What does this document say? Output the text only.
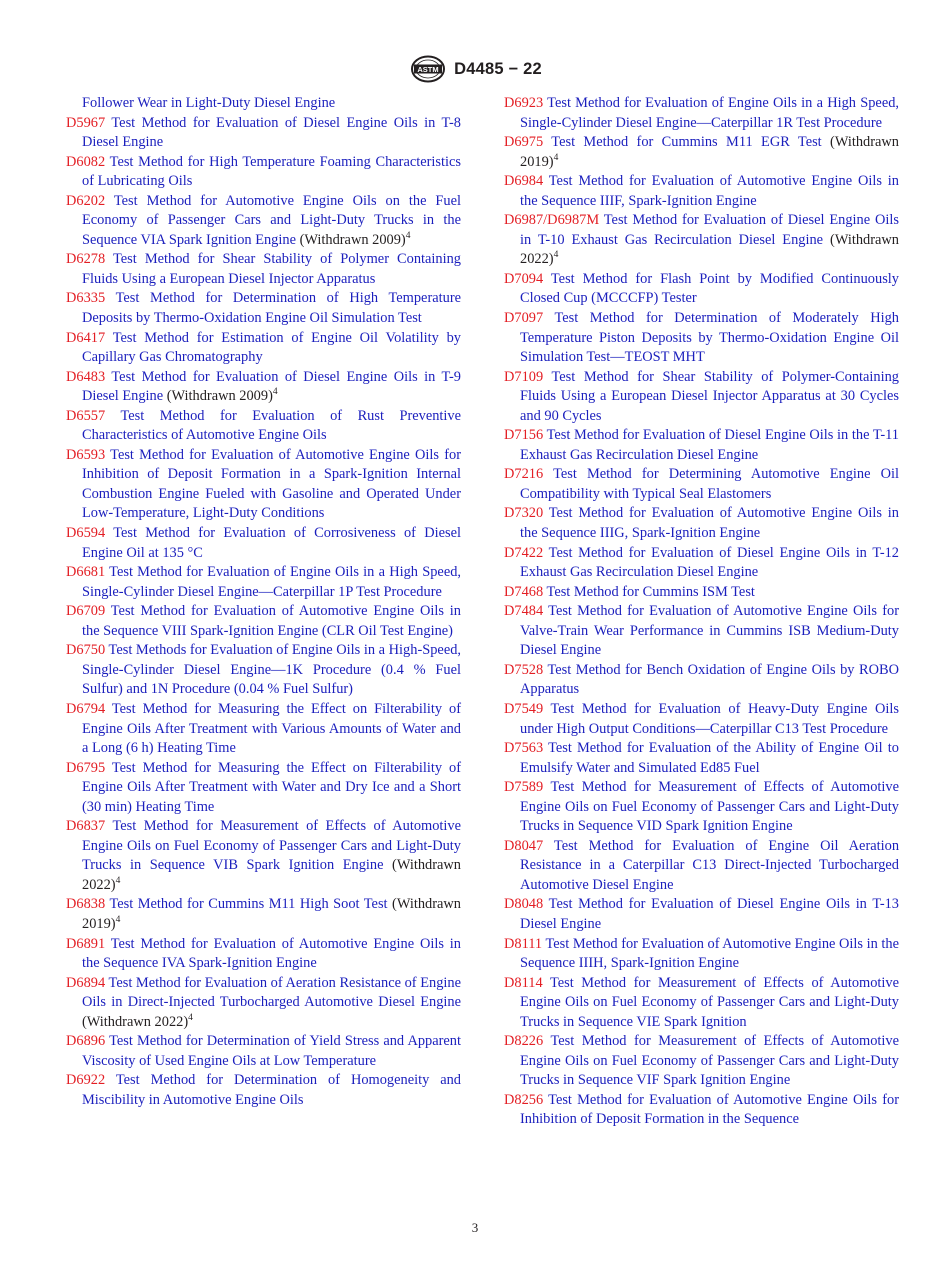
ASTM D4485 − 22

Follower Wear in Light-Duty Diesel Engine

D5967 Test Method for Evaluation of Diesel Engine Oils in T-8 Diesel Engine

D6082 Test Method for High Temperature Foaming Characteristics of Lubricating Oils

D6202 Test Method for Automotive Engine Oils on the Fuel Economy of Passenger Cars and Light-Duty Trucks in the Sequence VIA Spark Ignition Engine (Withdrawn 2009)$^4$

D6278 Test Method for Shear Stability of Polymer Containing Fluids Using a European Diesel Injector Apparatus

D6335 Test Method for Determination of High Temperature Deposits by Thermo-Oxidation Engine Oil Simulation Test

D6417 Test Method for Estimation of Engine Oil Volatility by Capillary Gas Chromatography

D6483 Test Method for Evaluation of Diesel Engine Oils in T-9 Diesel Engine (Withdrawn 2009)$^4$

D6557 Test Method for Evaluation of Rust Preventive Characteristics of Automotive Engine Oils

D6593 Test Method for Evaluation of Automotive Engine Oils for Inhibition of Deposit Formation in a Spark-Ignition Internal Combustion Engine Fueled with Gasoline and Operated Under Low-Temperature, Light-Duty Conditions

D6594 Test Method for Evaluation of Corrosiveness of Diesel Engine Oil at 135 °C

D6681 Test Method for Evaluation of Engine Oils in a High Speed, Single-Cylinder Diesel Engine—Caterpillar 1P Test Procedure

D6709 Test Method for Evaluation of Automotive Engine Oils in the Sequence VIII Spark-Ignition Engine (CLR Oil Test Engine)

D6750 Test Methods for Evaluation of Engine Oils in a High-Speed, Single-Cylinder Diesel Engine—1K Procedure (0.4 % Fuel Sulfur) and 1N Procedure (0.04 % Fuel Sulfur)

D6794 Test Method for Measuring the Effect on Filterability of Engine Oils After Treatment with Various Amounts of Water and a Long (6 h) Heating Time

D6795 Test Method for Measuring the Effect on Filterability of Engine Oils After Treatment with Water and Dry Ice and a Short (30 min) Heating Time

D6837 Test Method for Measurement of Effects of Automotive Engine Oils on Fuel Economy of Passenger Cars and Light-Duty Trucks in Sequence VIB Spark Ignition Engine (Withdrawn 2022)$^4$

D6838 Test Method for Cummins M11 High Soot Test (Withdrawn 2019)$^4$

D6891 Test Method for Evaluation of Automotive Engine Oils in the Sequence IVA Spark-Ignition Engine

D6894 Test Method for Evaluation of Aeration Resistance of Engine Oils in Direct-Injected Turbocharged Automotive Diesel Engine (Withdrawn 2022)$^4$

D6896 Test Method for Determination of Yield Stress and Apparent Viscosity of Used Engine Oils at Low Temperature

D6922 Test Method for Determination of Homogeneity and Miscibility in Automotive Engine Oils

D6923 Test Method for Evaluation of Engine Oils in a High Speed, Single-Cylinder Diesel Engine—Caterpillar 1R Test Procedure

D6975 Test Method for Cummins M11 EGR Test (Withdrawn 2019)$^4$

D6984 Test Method for Evaluation of Automotive Engine Oils in the Sequence IIIF, Spark-Ignition Engine

D6987/D6987M Test Method for Evaluation of Diesel Engine Oils in T-10 Exhaust Gas Recirculation Diesel Engine (Withdrawn 2022)$^4$

D7094 Test Method for Flash Point by Modified Continuously Closed Cup (MCCCFP) Tester

D7097 Test Method for Determination of Moderately High Temperature Piston Deposits by Thermo-Oxidation Engine Oil Simulation Test—TEOST MHT

D7109 Test Method for Shear Stability of Polymer-Containing Fluids Using a European Diesel Injector Apparatus at 30 Cycles and 90 Cycles

D7156 Test Method for Evaluation of Diesel Engine Oils in the T-11 Exhaust Gas Recirculation Diesel Engine

D7216 Test Method for Determining Automotive Engine Oil Compatibility with Typical Seal Elastomers

D7320 Test Method for Evaluation of Automotive Engine Oils in the Sequence IIIG, Spark-Ignition Engine

D7422 Test Method for Evaluation of Diesel Engine Oils in T-12 Exhaust Gas Recirculation Diesel Engine

D7468 Test Method for Cummins ISM Test

D7484 Test Method for Evaluation of Automotive Engine Oils for Valve-Train Wear Performance in Cummins ISB Medium-Duty Diesel Engine

D7528 Test Method for Bench Oxidation of Engine Oils by ROBO Apparatus

D7549 Test Method for Evaluation of Heavy-Duty Engine Oils under High Output Conditions—Caterpillar C13 Test Procedure

D7563 Test Method for Evaluation of the Ability of Engine Oil to Emulsify Water and Simulated Ed85 Fuel

D7589 Test Method for Measurement of Effects of Automotive Engine Oils on Fuel Economy of Passenger Cars and Light-Duty Trucks in Sequence VID Spark Ignition Engine

D8047 Test Method for Evaluation of Engine Oil Aeration Resistance in a Caterpillar C13 Direct-Injected Turbocharged Automotive Diesel Engine

D8048 Test Method for Evaluation of Diesel Engine Oils in T-13 Diesel Engine

D8111 Test Method for Evaluation of Automotive Engine Oils in the Sequence IIIH, Spark-Ignition Engine

D8114 Test Method for Measurement of Effects of Automotive Engine Oils on Fuel Economy of Passenger Cars and Light-Duty Trucks in Sequence VIE Spark Ignition

D8226 Test Method for Measurement of Effects of Automotive Engine Oils on Fuel Economy of Passenger Cars and Light-Duty Trucks in Sequence VIF Spark Ignition Engine

D8256 Test Method for Evaluation of Automotive Engine Oils for Inhibition of Deposit Formation in the Sequence

3
